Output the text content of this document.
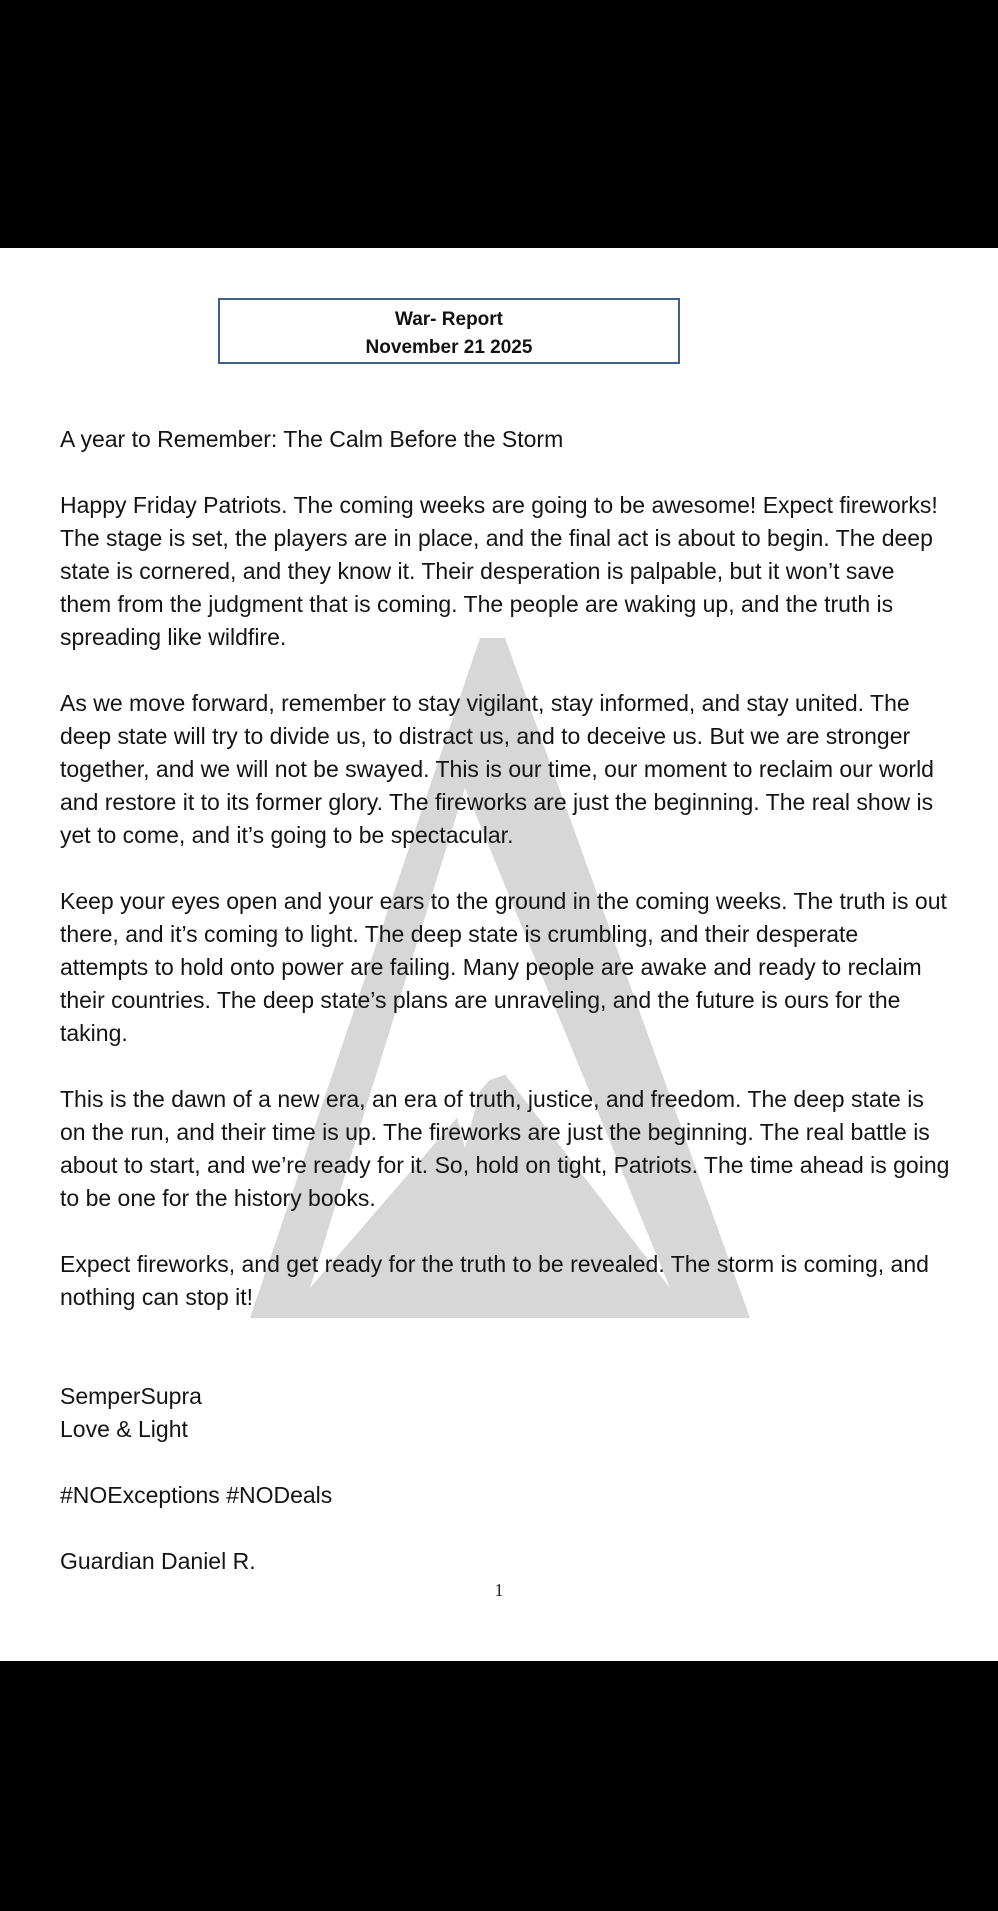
War- Report
November 21 2025

A year to Remember: The Calm Before the Storm

Happy Friday Patriots. The coming weeks are going to be awesome! Expect fireworks! The stage is set, the players are in place, and the final act is about to begin. The deep state is cornered, and they know it. Their desperation is palpable, but it won’t save them from the judgment that is coming. The people are waking up, and the truth is spreading like wildfire.

As we move forward, remember to stay vigilant, stay informed, and stay united. The deep state will try to divide us, to distract us, and to deceive us. But we are stronger together, and we will not be swayed. This is our time, our moment to reclaim our world and restore it to its former glory. The fireworks are just the beginning. The real show is yet to come, and it’s going to be spectacular.

Keep your eyes open and your ears to the ground in the coming weeks. The truth is out there, and it’s coming to light. The deep state is crumbling, and their desperate attempts to hold onto power are failing. Many people are awake and ready to reclaim their countries. The deep state’s plans are unraveling, and the future is ours for the taking.

This is the dawn of a new era, an era of truth, justice, and freedom. The deep state is on the run, and their time is up. The fireworks are just the beginning. The real battle is about to start, and we’re ready for it. So, hold on tight, Patriots. The time ahead is going to be one for the history books.

Expect fireworks, and get ready for the truth to be revealed. The storm is coming, and nothing can stop it!

SemperSupra

Love & Light

#NOExceptions #NODeals

Guardian Daniel R.
1
